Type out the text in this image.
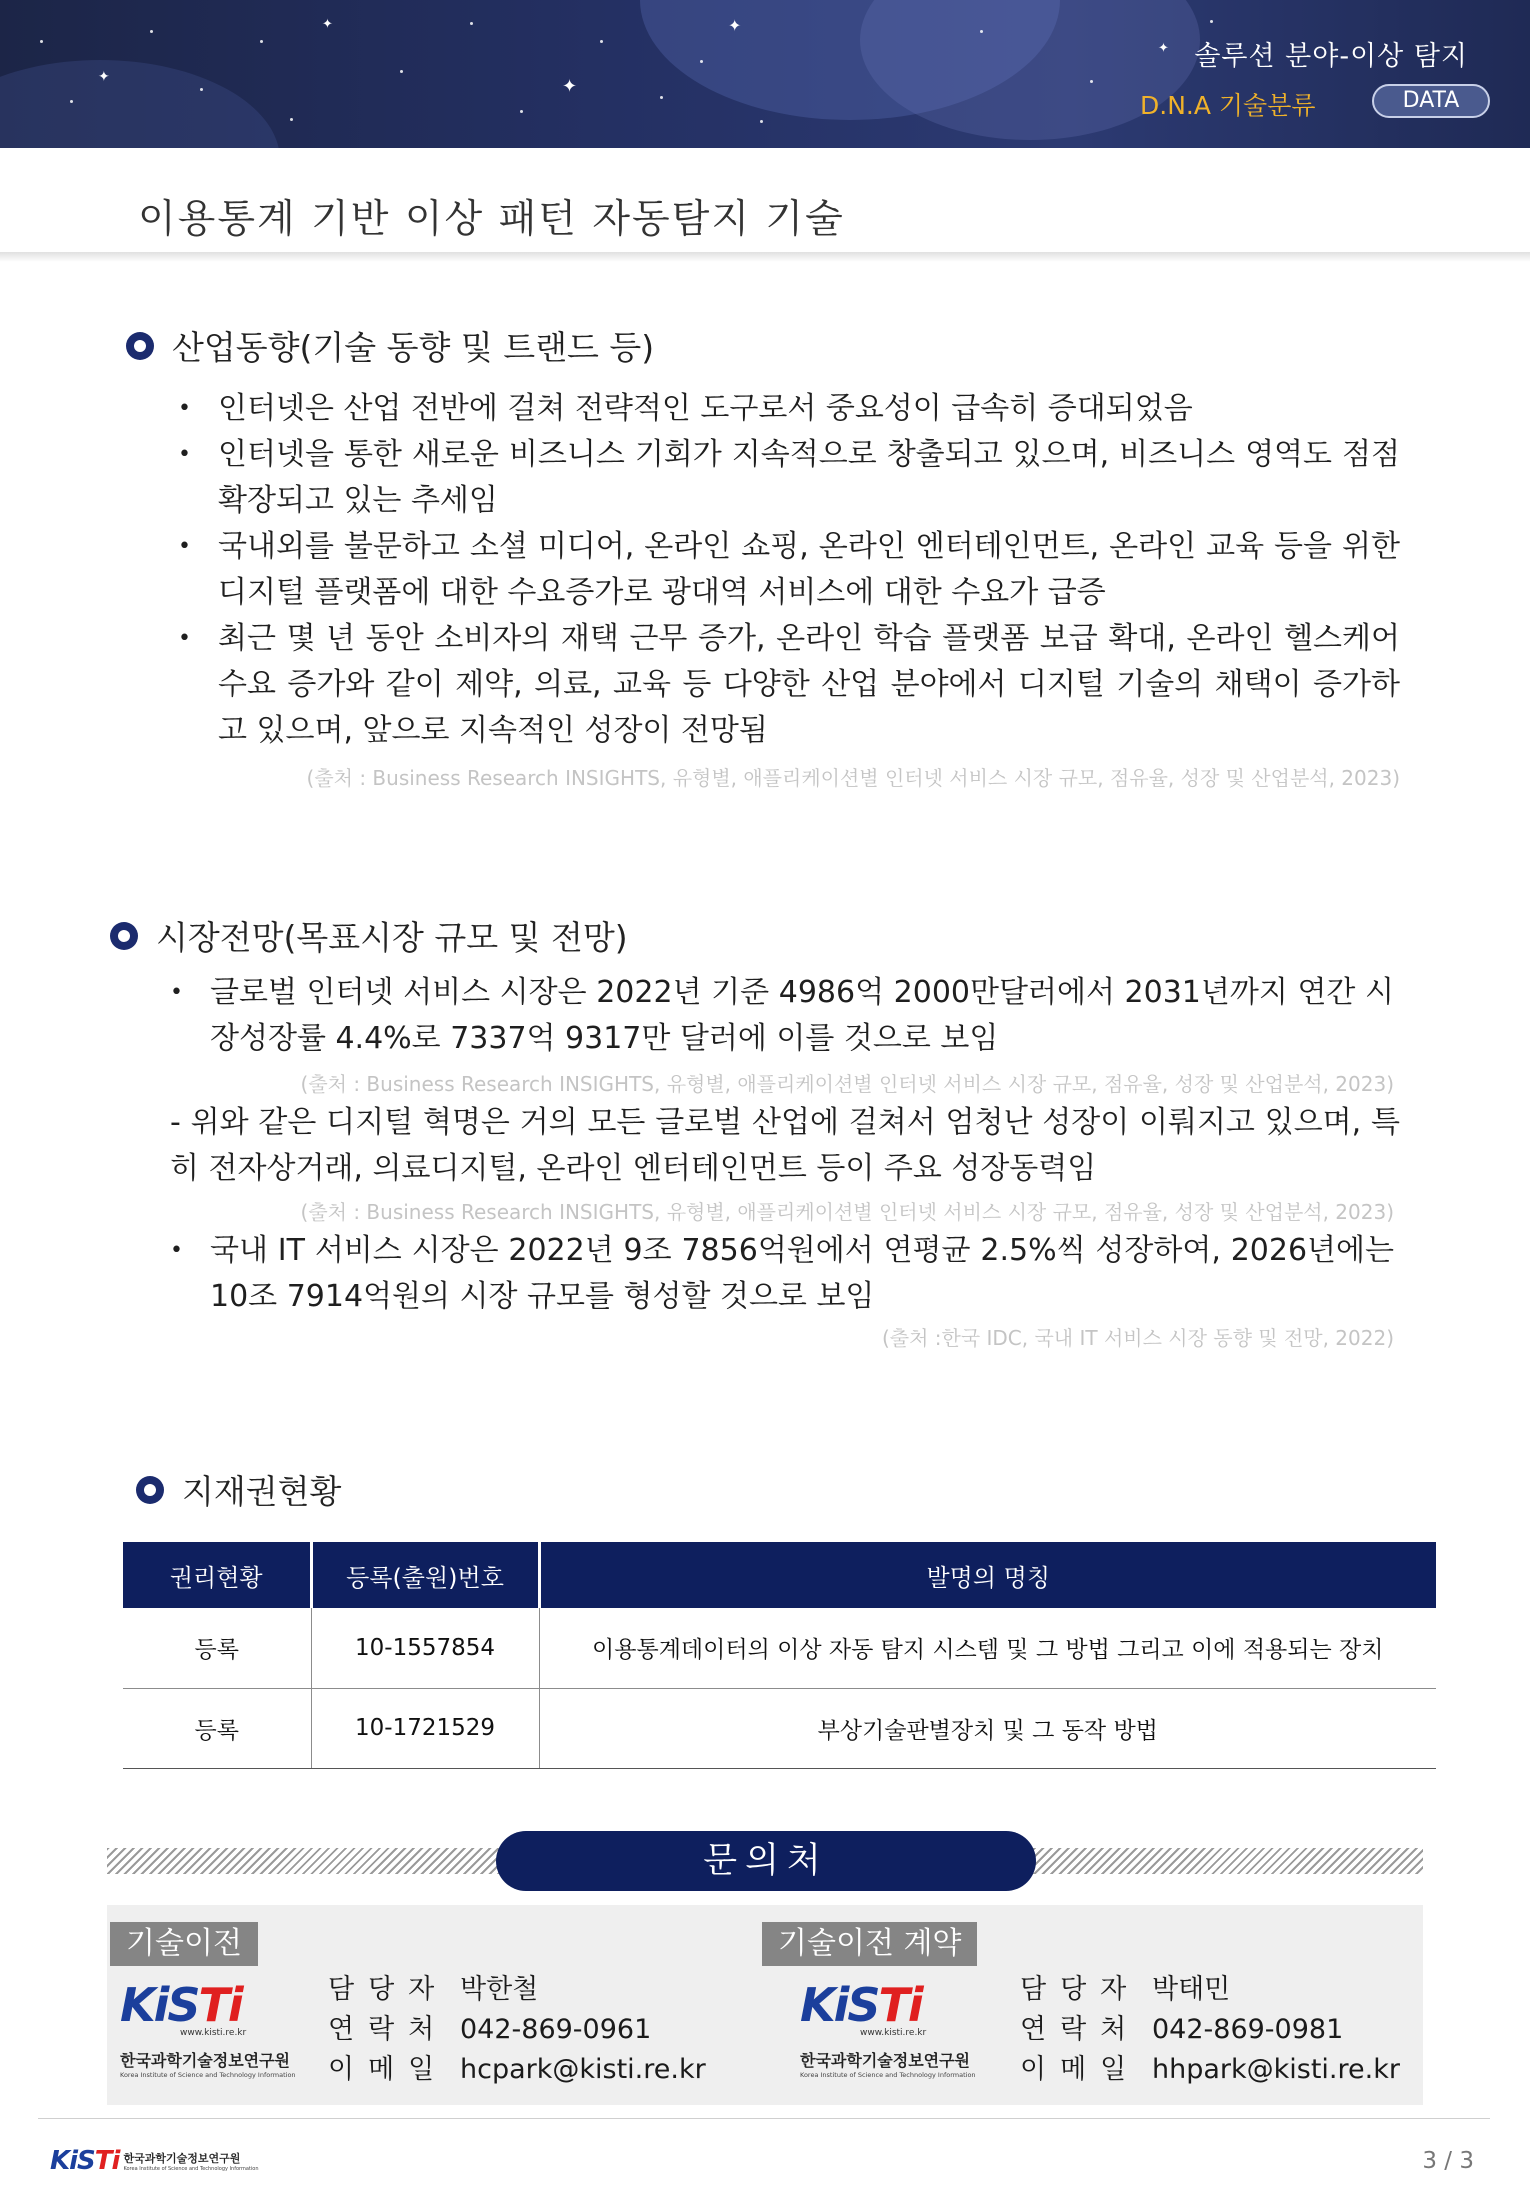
✦	✦
✦
✦
✦ 솔루션 분야-이상 탐지
D.N.A 기술분류	DATA
이용통계 기반 이상 패턴 자동탐지 기술
산업동향(기술 동향 및 트랜드 등)
• 인터넷은 산업 전반에 걸쳐 전략적인 도구로서 중요성이 급속히 증대되었음
• 인터넷을 통한 새로운 비즈니스 기회가 지속적으로 창출되고 있으며, 비즈니스 영역도 점점 확장되고 있는 추세임
• 국내외를 불문하고 소셜 미디어, 온라인 쇼핑, 온라인 엔터테인먼트, 온라인 교육 등을 위한 디지털 플랫폼에 대한 수요증가로 광대역 서비스에 대한 수요가 급증
• 최근 몇 년 동안 소비자의 재택 근무 증가, 온라인 학습 플랫폼 보급 확대, 온라인 헬스케어 수요 증가와 같이 제약, 의료, 교육 등 다양한 산업 분야에서 디지털 기술의 채택이 증가하고 있으며, 앞으로 지속적인 성장이 전망됨
(출처 : Business Research INSIGHTS, 유형별, 애플리케이션별 인터넷 서비스 시장 규모, 점유율, 성장 및 산업분석, 2023)
시장전망(목표시장 규모 및 전망)
• 글로벌 인터넷 서비스 시장은 2022년 기준 4986억 2000만달러에서 2031년까지 연간 시장성장률 4.4%로 7337억 9317만 달러에 이를 것으로 보임
(출처 : Business Research INSIGHTS, 유형별, 애플리케이션별 인터넷 서비스 시장 규모, 점유율, 성장 및 산업분석, 2023)
- 위와 같은 디지털 혁명은 거의 모든 글로벌 산업에 걸쳐서 엄청난 성장이 이뤄지고 있으며, 특히 전자상거래, 의료디지털, 온라인 엔터테인먼트 등이 주요 성장동력임
(출처 : Business Research INSIGHTS, 유형별, 애플리케이션별 인터넷 서비스 시장 규모, 점유율, 성장 및 산업분석, 2023)
• 국내 IT 서비스 시장은 2022년 9조 7856억원에서 연평균 2.5%씩 성장하여, 2026년에는 10조 7914억원의 시장 규모를 형성할 것으로 보임
(출처 :한국 IDC, 국내 IT 서비스 시장 동향 및 전망, 2022)
지재권현황
권리현황	등록(출원)번호	발명의 명칭
등록	10-1557854	이용통계데이터의 이상 자동 탐지 시스템 및 그 방법 그리고 이에 적용되는 장치
등록	10-1721529	부상기술판별장치 및 그 동작 방법
문의처
기술이전
KiSTi
www.kisti.re.kr
한국과학기술정보연구원
Korea Institute of Science and Technology Information
담당자 박한철
연락처 042-869-0961
이메일 hcpark@kisti.re.kr
기술이전 계약
KiSTi
www.kisti.re.kr
한국과학기술정보연구원
Korea Institute of Science and Technology Information
담당자 박태민
연락처 042-869-0981
이메일 hhpark@kisti.re.kr
KiSTi 한국과학기술정보연구원
Korea Institute of Science and Technology Information	3 / 3
